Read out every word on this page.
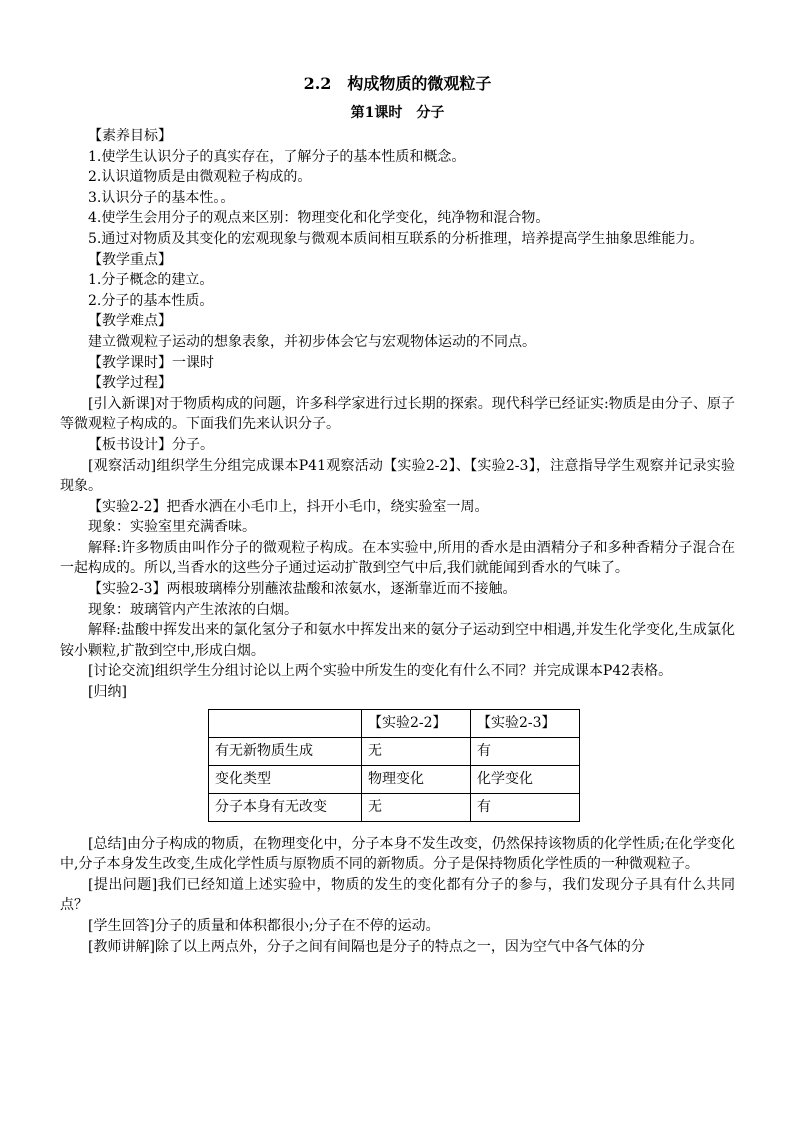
2.2　构成物质的微观粒子
第1课时　分子

【素养目标】

1.使学生认识分子的真实存在，了解分子的基本性质和概念。

2.认识道物质是由微观粒子构成的。

3.认识分子的基本性。。

4.使学生会用分子的观点来区别：物理变化和化学变化，纯净物和混合物。

5.通过对物质及其变化的宏观现象与微观本质间相互联系的分析推理，培养提高学生抽象思维能力。

【教学重点】

1.分子概念的建立。

2.分子的基本性质。

【教学难点】

建立微观粒子运动的想象表象，并初步体会它与宏观物体运动的不同点。

【教学课时】一课时

【教学过程】

[引入新课]对于物质构成的问题，许多科学家进行过长期的探索。现代科学已经证实:物质是由分子、原子等微观粒子构成的。下面我们先来认识分子。

【板书设计】分子。

[观察活动]组织学生分组完成课本P41观察活动【实验2-2】、【实验2-3】，注意指导学生观察并记录实验现象。

【实验2-2】把香水洒在小毛巾上，抖开小毛巾，绕实验室一周。

现象：实验室里充满香味。

解释:许多物质由叫作分子的微观粒子构成。在本实验中,所用的香水是由酒精分子和多种香精分子混合在一起构成的。所以,当香水的这些分子通过运动扩散到空气中后,我们就能闻到香水的气味了。

【实验2-3】两根玻璃棒分别蘸浓盐酸和浓氨水，逐渐靠近而不接触。

现象：玻璃管内产生浓浓的白烟。

解释:盐酸中挥发出来的氯化氢分子和氨水中挥发出来的氨分子运动到空中相遇,并发生化学变化,生成氯化铵小颗粒,扩散到空中,形成白烟。

[讨论交流]组织学生分组讨论以上两个实验中所发生的变化有什么不同？并完成课本P42表格。

[归纳]

	【实验2-2】	【实验2-3】
有无新物质生成	无	有
变化类型	物理变化	化学变化
分子本身有无改变	无	有

[总结]由分子构成的物质，在物理变化中，分子本身不发生改变，仍然保持该物质的化学性质;在化学变化中,分子本身发生改变,生成化学性质与原物质不同的新物质。分子是保持物质化学性质的一种微观粒子。

[提出问题]我们已经知道上述实验中，物质的发生的变化都有分子的参与，我们发现分子具有什么共同点？

[学生回答]分子的质量和体积都很小;分子在不停的运动。

[教师讲解]除了以上两点外，分子之间有间隔也是分子的特点之一，因为空气中各气体的分
